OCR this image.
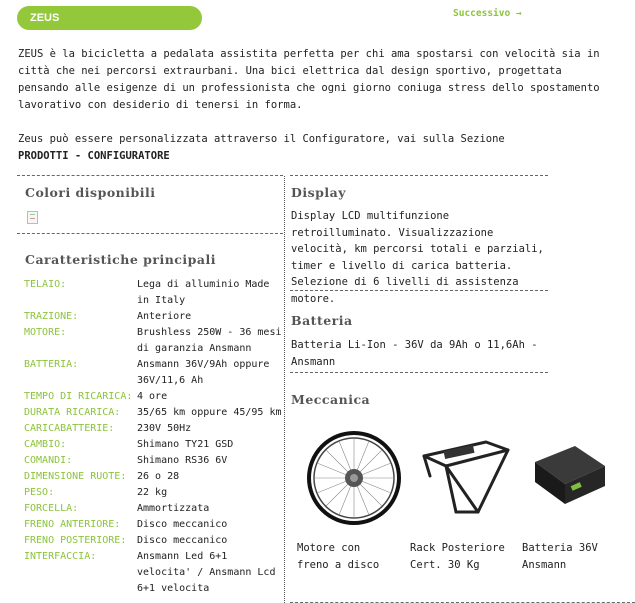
ZEUS	Successivo →

ZEUS è la bicicletta a pedalata assistita perfetta per chi ama spostarsi con velocità sia in città che nei percorsi extraurbani. Una bici elettrica dal design sportivo, progettata pensando alle esigenze di un professionista che ogni giorno coniuga stress dello spostamento lavorativo con desiderio di tenersi in forma.

Zeus può essere personalizzata attraverso il Configuratore, vai sulla Sezione
PRODOTTI - CONFIGURATORE

Colori disponibili
Caratteristiche principali
TELAIO:	Lega di alluminio Made in Italy
TRAZIONE:	Anteriore
MOTORE:	Brushless 250W - 36 mesi di garanzia Ansmann
BATTERIA:	Ansmann 36V/9Ah oppure 36V/11,6 Ah
TEMPO DI RICARICA: 4 ore
DURATA RICARICA: 35/65 km oppure 45/95 km
CARICABATTERIE: 230V 50Hz
CAMBIO:	Shimano TY21 GSD
COMANDI:	Shimano RS36 6V
DIMENSIONE RUOTE: 26 o 28
PESO:	22 kg
FORCELLA:	Ammortizzata
FRENO ANTERIORE: Disco meccanico
FRENO POSTERIORE: Disco meccanico
INTERFACCIA:	Ansmann Led 6+1 velocita' / Ansmann Lcd 6+1 velocita
Display
Display LCD multifunzione retroilluminato. Visualizzazione velocità, km percorsi totali e parziali, timer e livello di carica batteria. Selezione di 6 livelli di assistenza motore.
Batteria
Batteria Li-Ion - 36V da 9Ah o 11,6Ah - Ansmann
Meccanica
Motore con freno a disco
Rack Posteriore Cert. 30 Kg
Batteria 36V Ansmann
